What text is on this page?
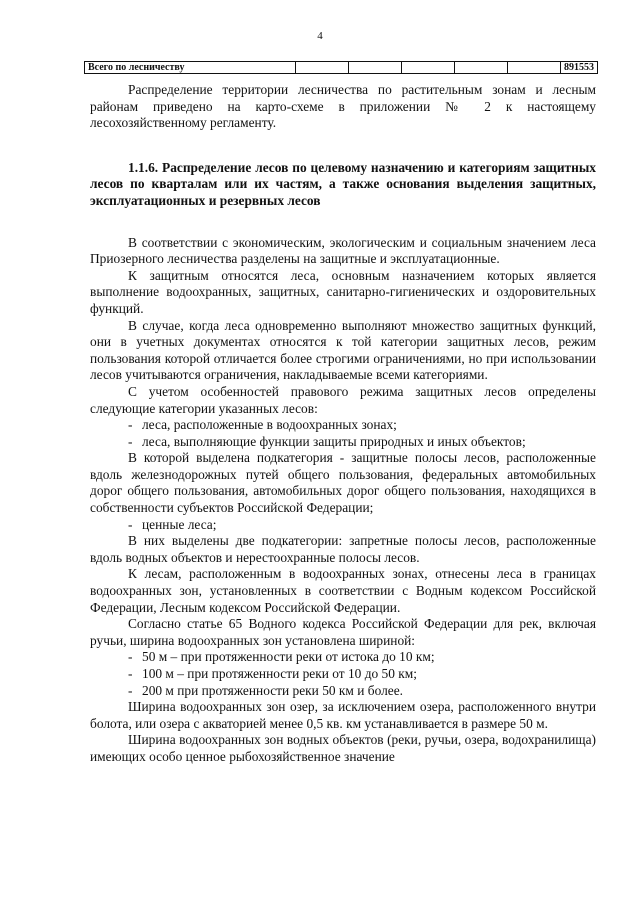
4
Всего по лесничеству						891553

Распределение территории лесничества по растительным зонам и лесным районам приведено на карто-схеме в приложении № 2 к настоящему лесохозяйственному регламенту.

1.1.6. Распределение лесов по целевому назначению и категориям защитных лесов по кварталам или их частям, а также основания выделения защитных, эксплуатационных и резервных лесов

В соответствии с экономическим, экологическим и социальным значением леса Приозерного лесничества разделены на защитные и эксплуатационные.

К защитным относятся леса, основным назначением которых является выполнение водоохранных, защитных, санитарно-гигиенических и оздоровительных функций.

В случае, когда леса одновременно выполняют множество защитных функций, они в учетных документах относятся к той категории защитных лесов, режим пользования которой отличается более строгими ограничениями, но при использовании лесов учитываются ограничения, накладываемые всеми категориями.

С учетом особенностей правового режима защитных лесов определены следующие категории указанных лесов:

- леса, расположенные в водоохранных зонах;

- леса, выполняющие функции защиты природных и иных объектов;

В которой выделена подкатегория - защитные полосы лесов, расположенные вдоль железнодорожных путей общего пользования, федеральных автомобильных дорог общего пользования, автомобильных дорог общего пользования, находящихся в собственности субъектов Российской Федерации;

- ценные леса;

В них выделены две подкатегории: запретные полосы лесов, расположенные вдоль водных объектов и нерестоохранные полосы лесов.

К лесам, расположенным в водоохранных зонах, отнесены леса в границах водоохранных зон, установленных в соответствии с Водным кодексом Российской Федерации, Лесным кодексом Российской Федерации.

Согласно статье 65 Водного кодекса Российской Федерации для рек, включая ручьи, ширина водоохранных зон установлена шириной:

- 50 м – при протяженности реки от истока до 10 км;

- 100 м – при протяженности реки от 10 до 50 км;

- 200 м при протяженности реки 50 км и более.

Ширина водоохранных зон озер, за исключением озера, расположенного внутри болота, или озера с акваторией менее 0,5 кв. км устанавливается в размере 50 м.

Ширина водоохранных зон водных объектов (реки, ручьи, озера, водохранилища) имеющих особо ценное рыбохозяйственное значение
